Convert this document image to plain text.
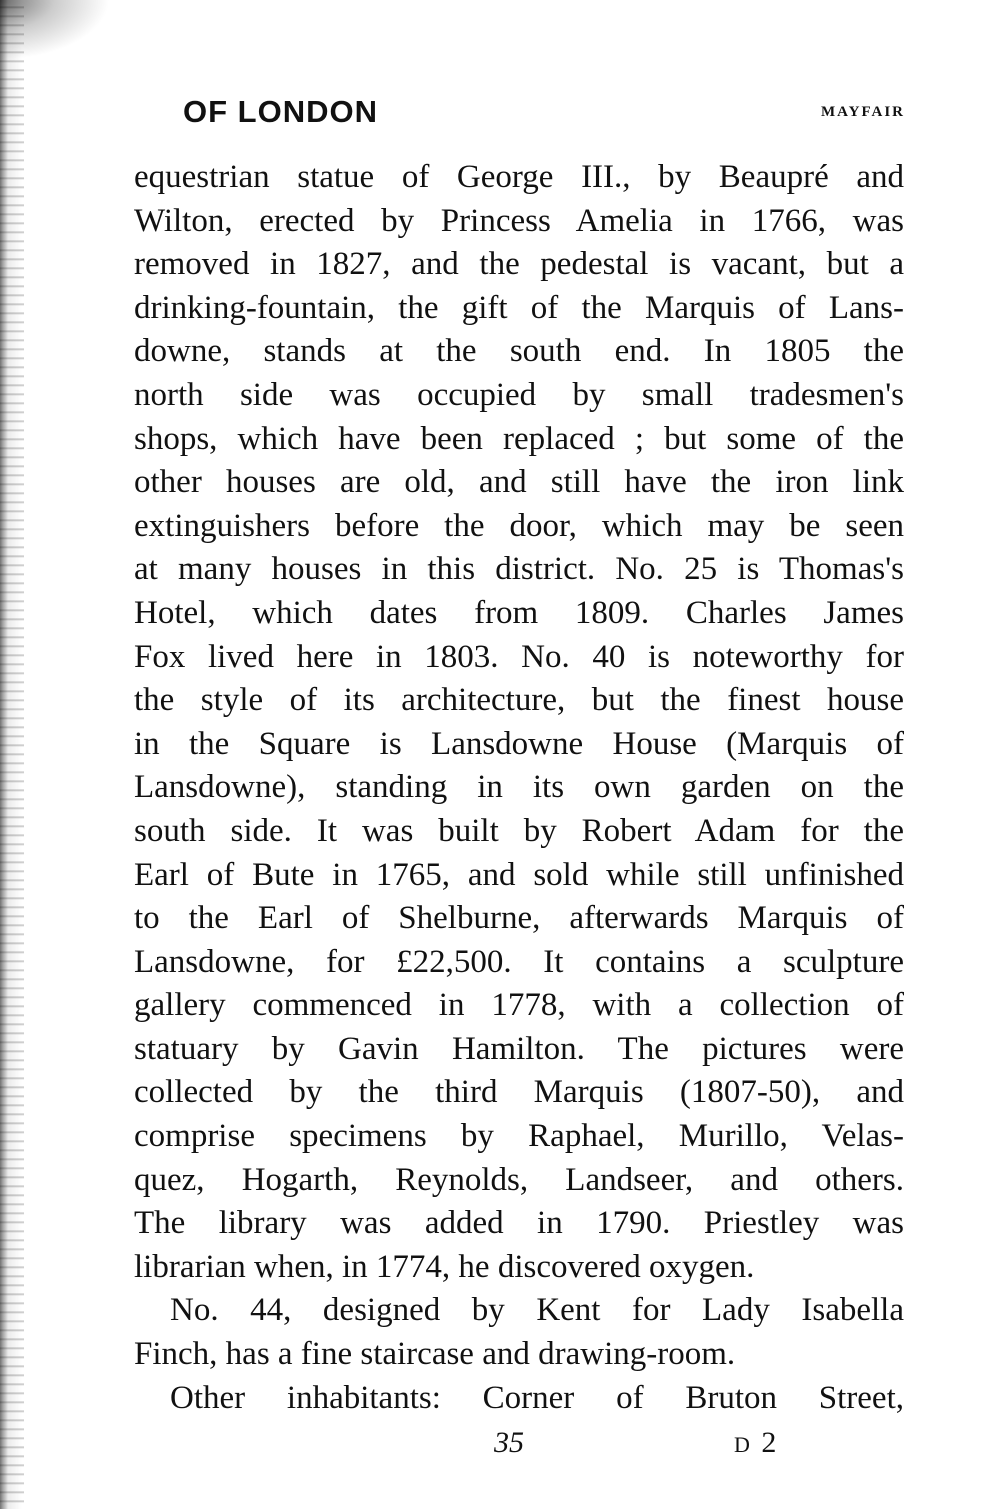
OF LONDON	MAYFAIR
equestrian statue of George III., by Beaupré and
Wilton, erected by Princess Amelia in 1766, was
removed in 1827, and the pedestal is vacant, but a
drinking-fountain, the gift of the Marquis of Lans-
downe, stands at the south end. In 1805 the
north side was occupied by small tradesmen's
shops, which have been replaced ; but some of the
other houses are old, and still have the iron link
extinguishers before the door, which may be seen
at many houses in this district. No. 25 is Thomas's
Hotel, which dates from 1809. Charles James
Fox lived here in 1803. No. 40 is noteworthy for
the style of its architecture, but the finest house
in the Square is Lansdowne House (Marquis of
Lansdowne), standing in its own garden on the
south side. It was built by Robert Adam for the
Earl of Bute in 1765, and sold while still unfinished
to the Earl of Shelburne, afterwards Marquis of
Lansdowne, for £22,500. It contains a sculpture
gallery commenced in 1778, with a collection of
statuary by Gavin Hamilton. The pictures were
collected by the third Marquis (1807-50), and
comprise specimens by Raphael, Murillo, Velas-
quez, Hogarth, Reynolds, Landseer, and others.
The library was added in 1790. Priestley was
librarian when, in 1774, he discovered oxygen.
No. 44, designed by Kent for Lady Isabella
Finch, has a fine staircase and drawing-room.
Other inhabitants: Corner of Bruton Street,
35	D 2
